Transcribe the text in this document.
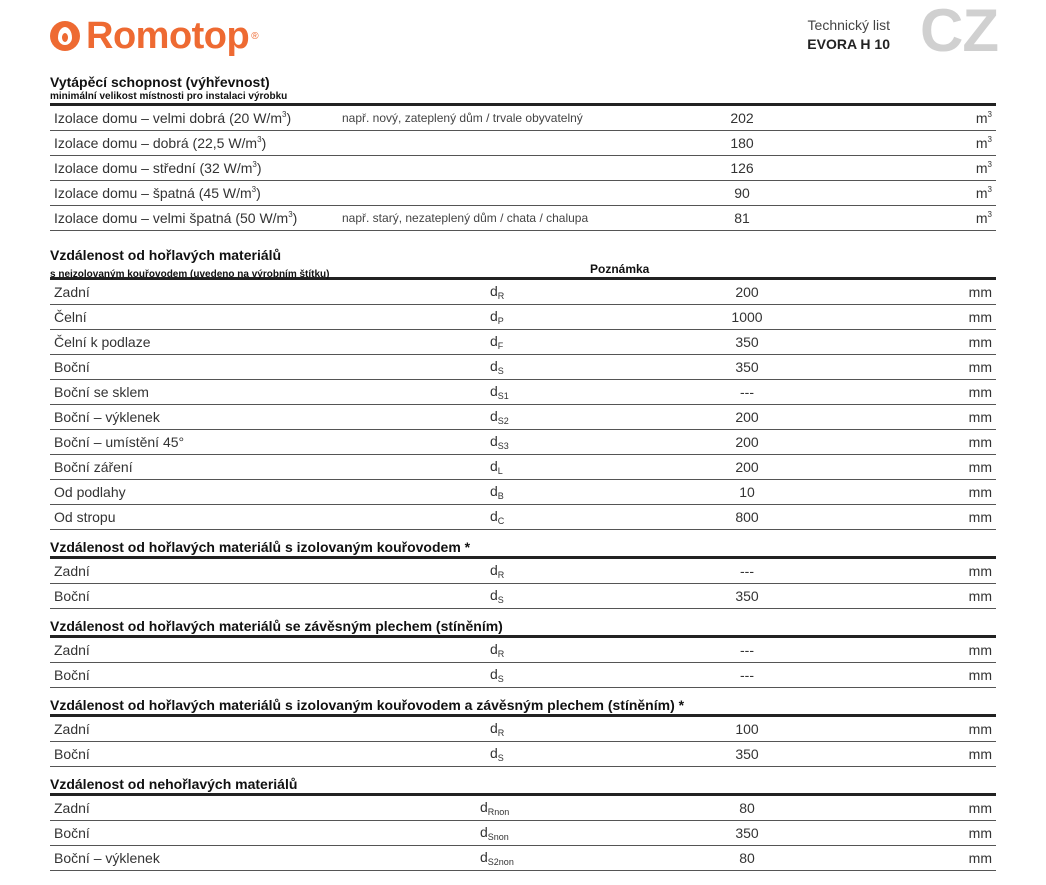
Romotop ®
Technický list
EVORA H 10 CZ
Vytápěcí schopnost (výhřevnost)
minimální velikost místnosti pro instalaci výrobku
Izolace domu – velmi dobrá (20 $W/m^3$)	např. nový, zateplený dům / trvale obyvatelný	202	$m^3$
Izolace domu – dobrá (22,5 $W/m^3$)		180	$m^3$
Izolace domu – střední (32 $W/m^3$)		126	$m^3$
Izolace domu – špatná (45 $W/m^3$)		90	$m^3$
Izolace domu – velmi špatná (50 $W/m^3$)	např. starý, nezateplený dům / chata / chalupa	81	$m^3$
Vzdálenost od hořlavých materiálů
s neizolovaným kouřovodem (uvedeno na výrobním štítku)	Poznámka
Zadní	$d_R$	200	mm
Čelní	$d_P$	1000	mm
Čelní k podlaze	$d_F$	350	mm
Boční	$d_S$	350	mm
Boční se sklem	$d_{S1}$	---	mm
Boční – výklenek	$d_{S2}$	200	mm
Boční – umístění 45°	$d_{S3}$	200	mm
Boční záření	$d_L$	200	mm
Od podlahy	$d_B$	10	mm
Od stropu	$d_C$	800	mm
Vzdálenost od hořlavých materiálů s izolovaným kouřovodem *
Zadní	$d_R$	---	mm
Boční	$d_S$	350	mm
Vzdálenost od hořlavých materiálů se závěsným plechem (stíněním)
Zadní	$d_R$	---	mm
Boční	$d_S$	---	mm
Vzdálenost od hořlavých materiálů s izolovaným kouřovodem a závěsným plechem (stíněním) *
Zadní	$d_R$	100	mm
Boční	$d_S$	350	mm
Vzdálenost od nehořlavých materiálů
Zadní	$d_{Rnon}$	80	mm
Boční	$d_{Snon}$	350	mm
Boční – výklenek	$d_{S2non}$	80	mm
